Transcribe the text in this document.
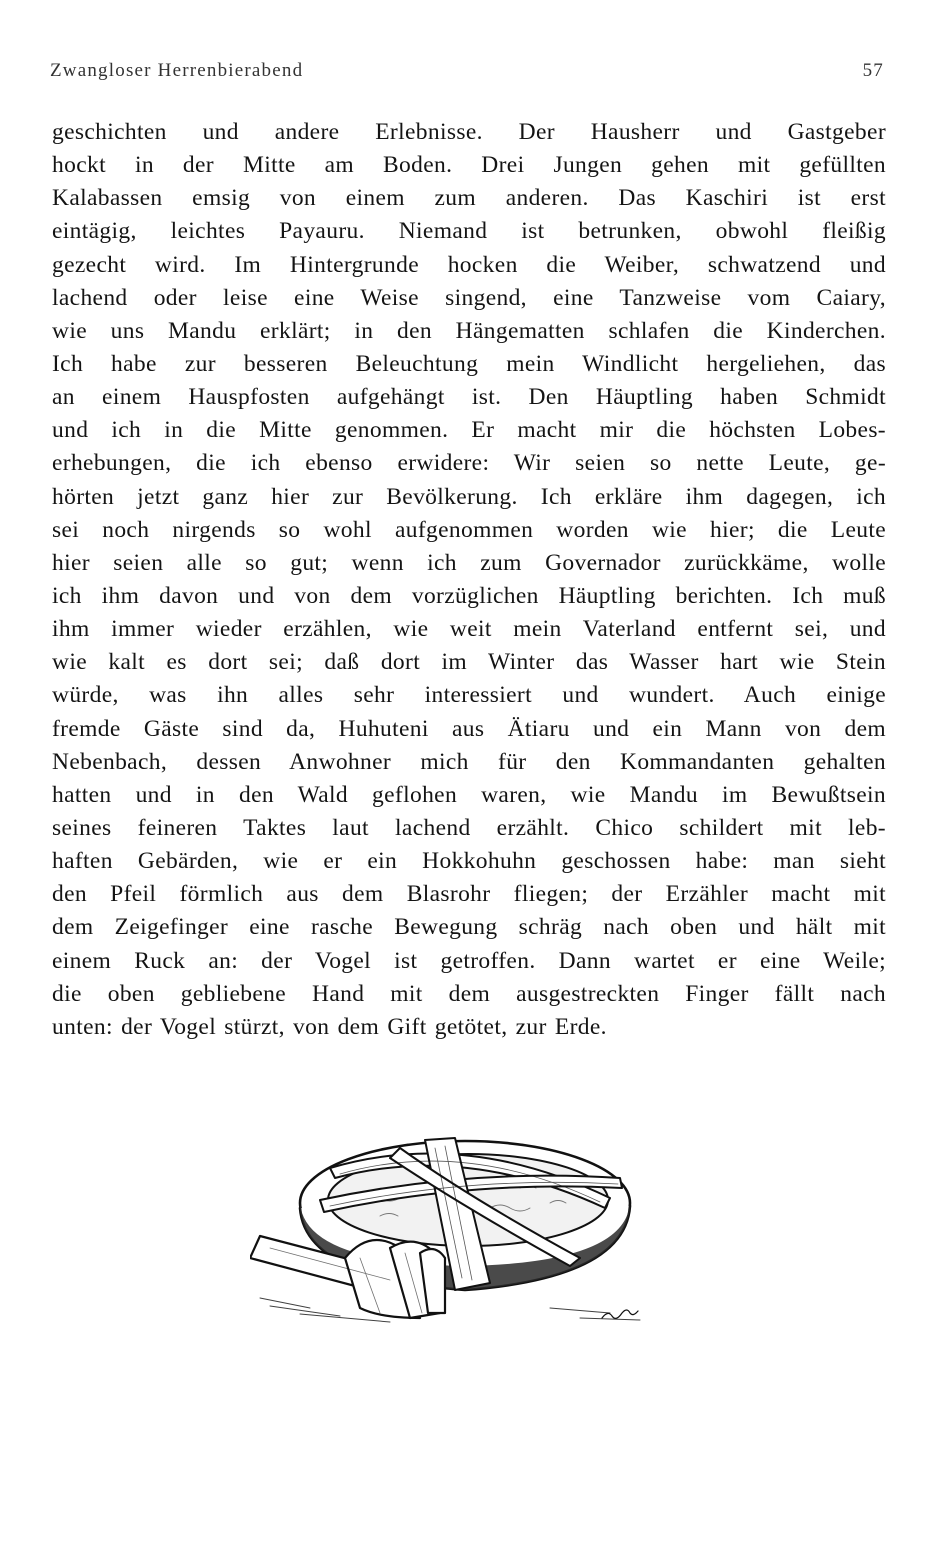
Zwangloser Herrenbierabend	57
geschichten und andere Erlebnisse. Der Hausherr und Gastgeber
hockt in der Mitte am Boden. Drei Jungen gehen mit gefüllten
Kalabassen emsig von einem zum anderen. Das Kaschiri ist erst
eintägig, leichtes Payauru. Niemand ist betrunken, obwohl fleißig
gezecht wird. Im Hintergrunde hocken die Weiber, schwatzend und
lachend oder leise eine Weise singend, eine Tanzweise vom Caiary,
wie uns Mandu erklärt; in den Hängematten schlafen die Kinderchen.
Ich habe zur besseren Beleuchtung mein Windlicht hergeliehen, das
an einem Hauspfosten aufgehängt ist. Den Häuptling haben Schmidt
und ich in die Mitte genommen. Er macht mir die höchsten Lobes-
erhebungen, die ich ebenso erwidere: Wir seien so nette Leute, ge-
hörten jetzt ganz hier zur Bevölkerung. Ich erkläre ihm dagegen, ich
sei noch nirgends so wohl aufgenommen worden wie hier; die Leute
hier seien alle so gut; wenn ich zum Governador zurückkäme, wolle
ich ihm davon und von dem vorzüglichen Häuptling berichten. Ich muß
ihm immer wieder erzählen, wie weit mein Vaterland entfernt sei, und
wie kalt es dort sei; daß dort im Winter das Wasser hart wie Stein
würde, was ihn alles sehr interessiert und wundert. Auch einige
fremde Gäste sind da, Huhuteni aus Ätiaru und ein Mann von dem
Nebenbach, dessen Anwohner mich für den Kommandanten gehalten
hatten und in den Wald geflohen waren, wie Mandu im Bewußtsein
seines feineren Taktes laut lachend erzählt. Chico schildert mit leb-
haften Gebärden, wie er ein Hokkohuhn geschossen habe: man sieht
den Pfeil förmlich aus dem Blasrohr fliegen; der Erzähler macht mit
dem Zeigefinger eine rasche Bewegung schräg nach oben und hält mit
einem Ruck an: der Vogel ist getroffen. Dann wartet er eine Weile;
die oben gebliebene Hand mit dem ausgestreckten Finger fällt nach
unten: der Vogel stürzt, von dem Gift getötet, zur Erde.
